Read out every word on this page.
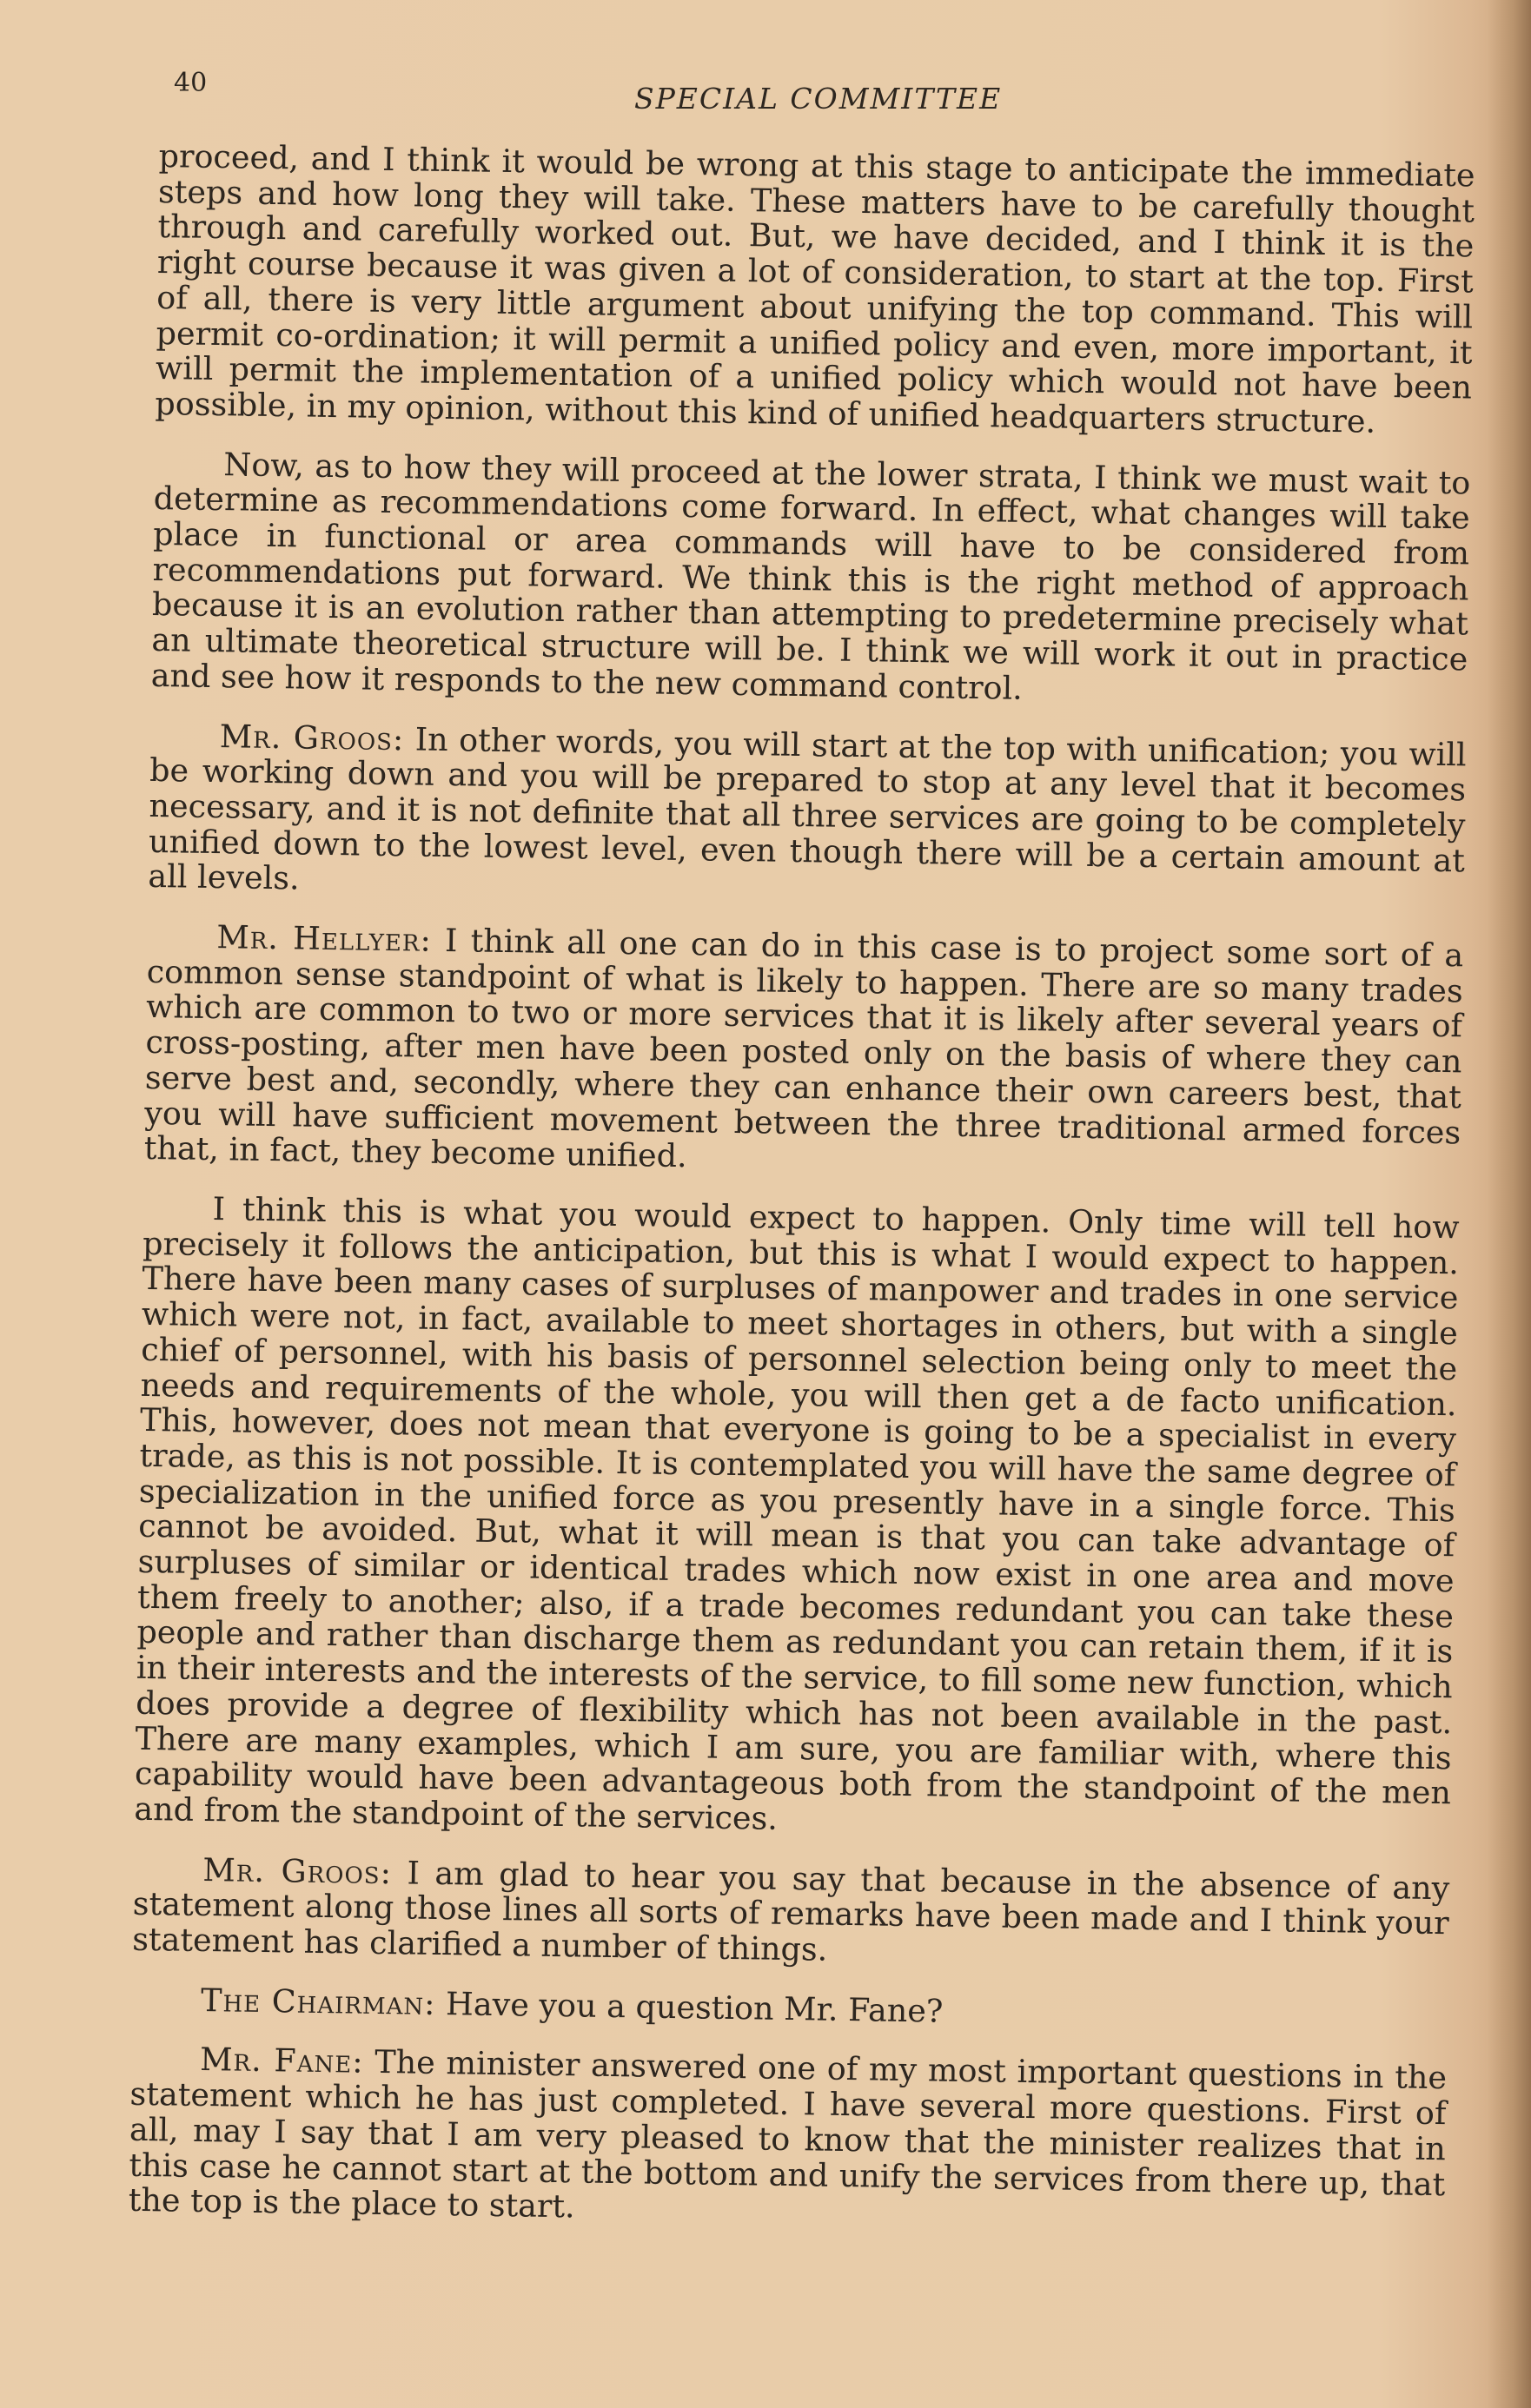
40	SPECIAL COMMITTEE

proceed, and I think it would be wrong at this stage to anticipate the immediate steps and how long they will take. These matters have to be carefully thought through and carefully worked out. But, we have decided, and I think it is the right course because it was given a lot of consideration, to start at the top. First of all, there is very little argument about unifying the top command. This will permit co-ordination; it will permit a unified policy and even, more important, it will permit the implementation of a unified policy which would not have been possible, in my opinion, without this kind of unified headquarters structure.

Now, as to how they will proceed at the lower strata, I think we must wait to determine as recommendations come forward. In effect, what changes will take place in functional or area commands will have to be considered from recommendations put forward. We think this is the right method of approach because it is an evolution rather than attempting to predetermine precisely what an ultimate theoretical structure will be. I think we will work it out in practice and see how it responds to the new command control.

Mr. Groos: In other words, you will start at the top with unification; you will be working down and you will be prepared to stop at any level that it becomes necessary, and it is not definite that all three services are going to be completely unified down to the lowest level, even though there will be a certain amount at all levels.

Mr. Hellyer: I think all one can do in this case is to project some sort of a common sense standpoint of what is likely to happen. There are so many trades which are common to two or more services that it is likely after several years of cross-posting, after men have been posted only on the basis of where they can serve best and, secondly, where they can enhance their own careers best, that you will have sufficient movement between the three traditional armed forces that, in fact, they become unified.

I think this is what you would expect to happen. Only time will tell how precisely it follows the anticipation, but this is what I would expect to happen. There have been many cases of surpluses of manpower and trades in one service which were not, in fact, available to meet shortages in others, but with a single chief of personnel, with his basis of personnel selection being only to meet the needs and requirements of the whole, you will then get a de facto unification. This, however, does not mean that everyone is going to be a specialist in every trade, as this is not possible. It is contemplated you will have the same degree of specialization in the unified force as you presently have in a single force. This cannot be avoided. But, what it will mean is that you can take advantage of surpluses of similar or identical trades which now exist in one area and move them freely to another; also, if a trade becomes redundant you can take these people and rather than discharge them as redundant you can retain them, if it is in their interests and the interests of the service, to fill some new function, which does provide a degree of flexibility which has not been available in the past. There are many examples, which I am sure, you are familiar with, where this capability would have been advantageous both from the standpoint of the men and from the standpoint of the services.

Mr. Groos: I am glad to hear you say that because in the absence of any statement along those lines all sorts of remarks have been made and I think your statement has clarified a number of things.

The Chairman: Have you a question Mr. Fane?

Mr. Fane: The minister answered one of my most important questions in the statement which he has just completed. I have several more questions. First of all, may I say that I am very pleased to know that the minister realizes that in this case he cannot start at the bottom and unify the services from there up, that the top is the place to start.
